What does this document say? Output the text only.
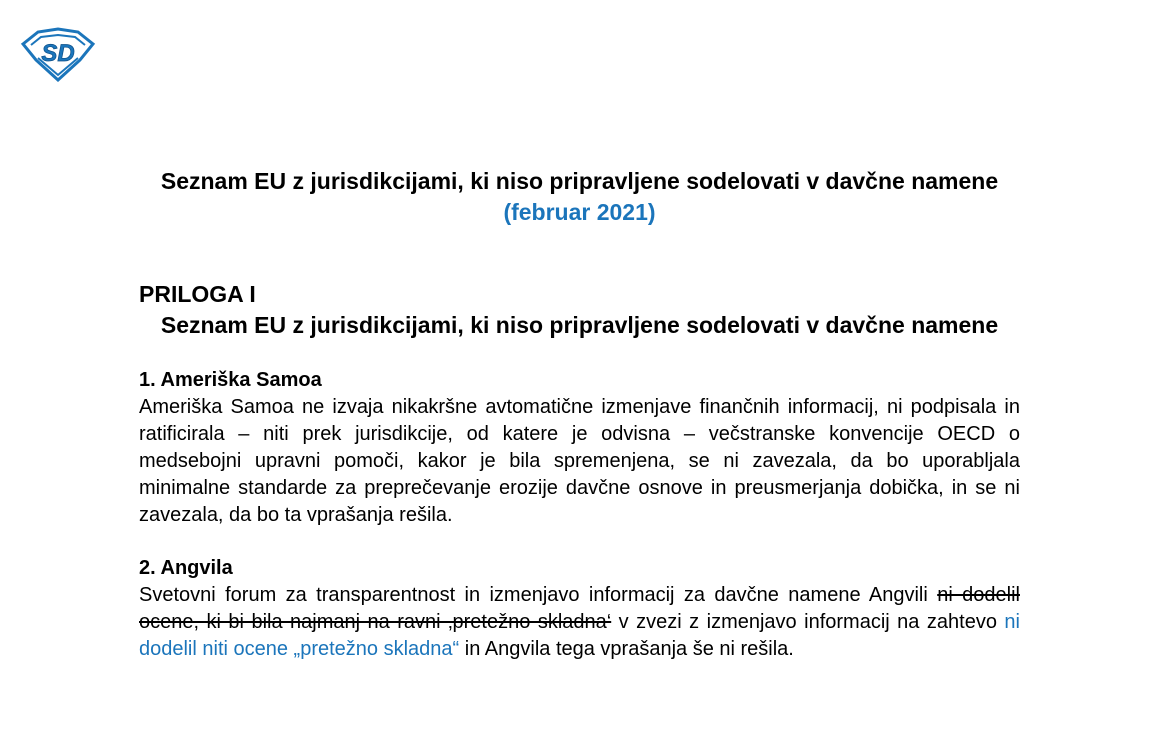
SD

Seznam EU z jurisdikcijami, ki niso pripravljene sodelovati v davčne namene

(februar 2021)

PRILOGA I

Seznam EU z jurisdikcijami, ki niso pripravljene sodelovati v davčne namene

1. Ameriška Samoa

Ameriška Samoa ne izvaja nikakršne avtomatične izmenjave finančnih informacij, ni podpisala in ratificirala – niti prek jurisdikcije, od katere je odvisna – večstranske konvencije OECD o medsebojni upravni pomoči, kakor je bila spremenjena, se ni zavezala, da bo uporabljala minimalne standarde za preprečevanje erozije davčne osnove in preusmerjanja dobička, in se ni zavezala, da bo ta vprašanja rešila.

2. Angvila

Svetovni forum za transparentnost in izmenjavo informacij za davčne namene Angvili ni dodelil ocene, ki bi bila najmanj na ravni ‚pretežno skladna‘ v zvezi z izmenjavo informacij na zahtevo ni dodelil niti ocene „pretežno skladna“ in Angvila tega vprašanja še ni rešila.
